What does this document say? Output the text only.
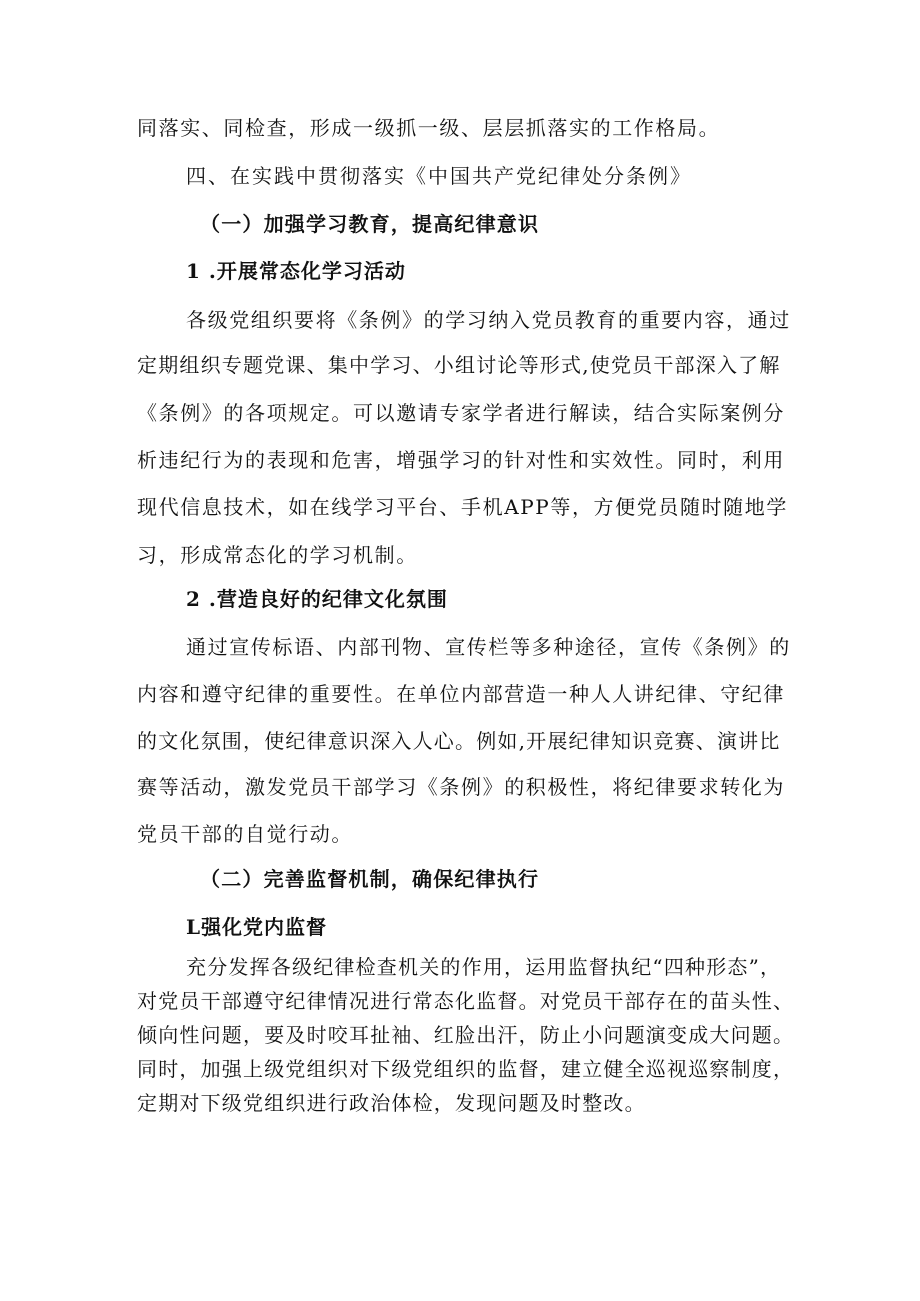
同落实、同检查，形成一级抓一级、层层抓落实的工作格局。
四、在实践中贯彻落实《中国共产党纪律处分条例》
（一）加强学习教育，提高纪律意识
1 .开展常态化学习活动
各级党组织要将《条例》的学习纳入党员教育的重要内容，通过
定期组织专题党课、集中学习、小组讨论等形式,使党员干部深入了解
《条例》的各项规定。可以邀请专家学者进行解读，结合实际案例分
析违纪行为的表现和危害，增强学习的针对性和实效性。同时，利用
现代信息技术，如在线学习平台、手机APP等，方便党员随时随地学
习，形成常态化的学习机制。
2 .营造良好的纪律文化氛围
通过宣传标语、内部刊物、宣传栏等多种途径，宣传《条例》的
内容和遵守纪律的重要性。在单位内部营造一种人人讲纪律、守纪律
的文化氛围，使纪律意识深入人心。例如,开展纪律知识竞赛、演讲比
赛等活动，激发党员干部学习《条例》的积极性，将纪律要求转化为
党员干部的自觉行动。
（二）完善监督机制，确保纪律执行
L强化党内监督
充分发挥各级纪律检查机关的作用，运用监督执纪“四种形态”，
对党员干部遵守纪律情况进行常态化监督。对党员干部存在的苗头性、
倾向性问题，要及时咬耳扯袖、红脸出汗，防止小问题演变成大问题。
同时，加强上级党组织对下级党组织的监督，建立健全巡视巡察制度，
定期对下级党组织进行政治体检，发现问题及时整改。
